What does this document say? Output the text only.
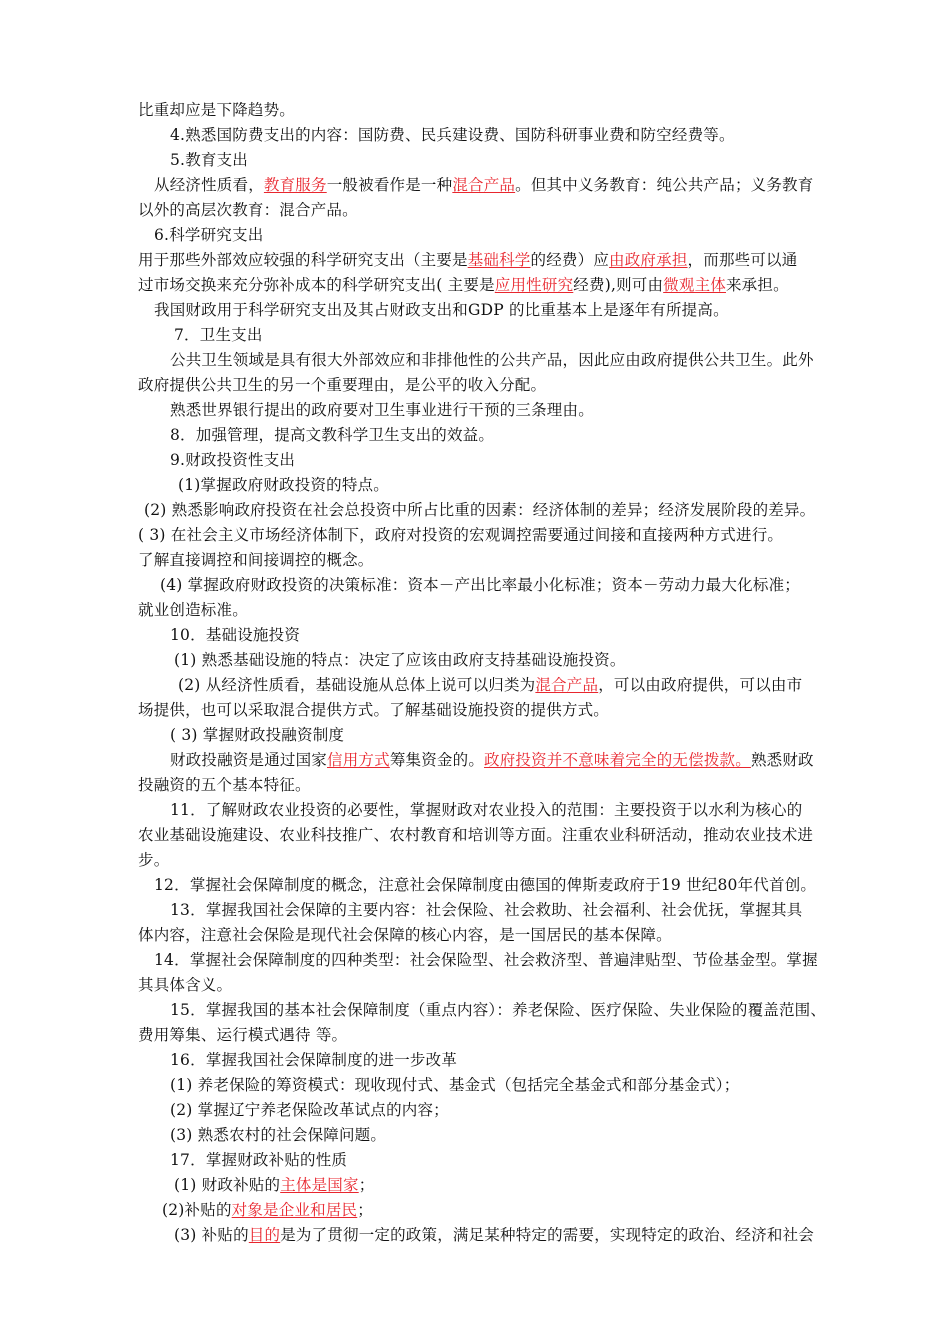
比重却应是下降趋势。
4.熟悉国防费支出的内容：国防费、民兵建设费、国防科研事业费和防空经费等。
5.教育支出
从经济性质看，教育服务一般被看作是一种混合产品。但其中义务教育：纯公共产品；义务教育
以外的高层次教育：混合产品。
6.科学研究支出
用于那些外部效应较强的科学研究支出（主要是基础科学的经费）应由政府承担，而那些可以通
过市场交换来充分弥补成本的科学研究支出( 主要是应用性研究经费),则可由微观主体来承担。
我国财政用于科学研究支出及其占财政支出和GDP 的比重基本上是逐年有所提高。
7．卫生支出
公共卫生领域是具有很大外部效应和非排他性的公共产品，因此应由政府提供公共卫生。此外
政府提供公共卫生的另一个重要理由，是公平的收入分配。
熟悉世界银行提出的政府要对卫生事业进行干预的三条理由。
8．加强管理，提高文教科学卫生支出的效益。
9.财政投资性支出
(1)掌握政府财政投资的特点。
(2) 熟悉影响政府投资在社会总投资中所占比重的因素：经济体制的差异；经济发展阶段的差异。
( 3) 在社会主义市场经济体制下，政府对投资的宏观调控需要通过间接和直接两种方式进行。
了解直接调控和间接调控的概念。
(4) 掌握政府财政投资的决策标准：资本－产出比率最小化标准；资本－劳动力最大化标准；
就业创造标准。
10．基础设施投资
(1) 熟悉基础设施的特点：决定了应该由政府支持基础设施投资。
(2) 从经济性质看，基础设施从总体上说可以归类为混合产品，可以由政府提供，可以由市
场提供，也可以采取混合提供方式。了解基础设施投资的提供方式。
( 3) 掌握财政投融资制度
财政投融资是通过国家信用方式筹集资金的。政府投资并不意味着完全的无偿拨款。熟悉财政
投融资的五个基本特征。
11．了解财政农业投资的必要性，掌握财政对农业投入的范围：主要投资于以水利为核心的
农业基础设施建设、农业科技推广、农村教育和培训等方面。注重农业科研活动，推动农业技术进
步。
12．掌握社会保障制度的概念，注意社会保障制度由德国的俾斯麦政府于19 世纪80年代首创。
13．掌握我国社会保障的主要内容：社会保险、社会救助、社会福利、社会优抚，掌握其具
体内容，注意社会保险是现代社会保障的核心内容，是一国居民的基本保障。
14．掌握社会保障制度的四种类型：社会保险型、社会救济型、普遍津贴型、节俭基金型。掌握
其具体含义。
15．掌握我国的基本社会保障制度（重点内容）：养老保险、医疗保险、失业保险的覆盖范围、
费用筹集、运行模式遇待 等。
16．掌握我国社会保障制度的进一步改革
(1) 养老保险的筹资模式：现收现付式、基金式（包括完全基金式和部分基金式）；
(2) 掌握辽宁养老保险改革试点的内容；
(3) 熟悉农村的社会保障问题。
17．掌握财政补贴的性质
(1) 财政补贴的主体是国家；
(2)补贴的对象是企业和居民；
(3) 补贴的目的是为了贯彻一定的政策，满足某种特定的需要，实现特定的政治、经济和社会
